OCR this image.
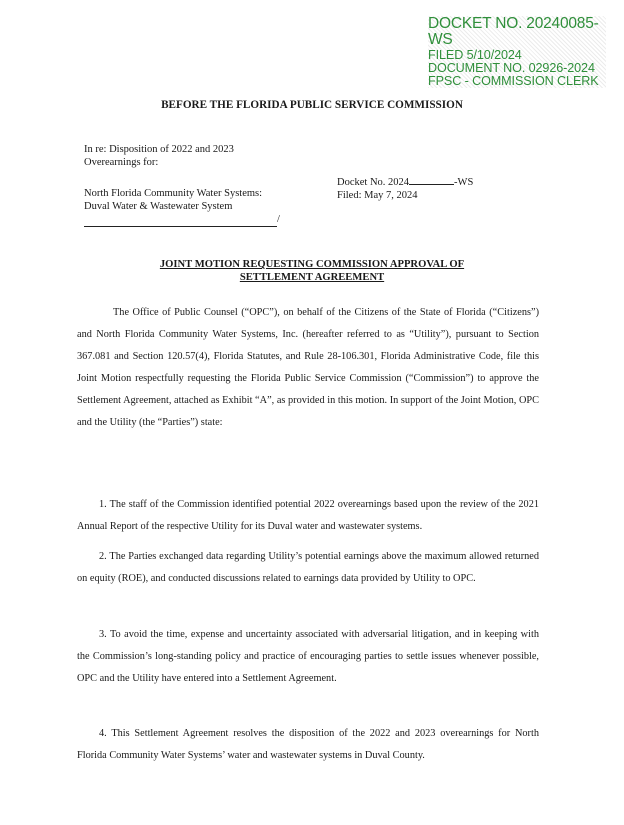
DOCKET NO. 20240085-WS
FILED 5/10/2024
DOCUMENT NO. 02926-2024
FPSC - COMMISSION CLERK
BEFORE THE FLORIDA PUBLIC SERVICE COMMISSION
In re: Disposition of 2022 and 2023
Overearnings for:
North Florida Community Water Systems:
Duval Water & Wastewater System
/
Docket No. 2024	-WS
Filed: May 7, 2024
JOINT MOTION REQUESTING COMMISSION APPROVAL OF
SETTLEMENT AGREEMENT
The Office of Public Counsel (“OPC”), on behalf of the Citizens of the State of Florida (“Citizens”) and North Florida Community Water Systems, Inc. (hereafter referred to as “Utility”), pursuant to Section 367.081 and Section 120.57(4), Florida Statutes, and Rule 28-106.301, Florida Administrative Code, file this Joint Motion respectfully requesting the Florida Public Service Commission (“Commission”) to approve the Settlement Agreement, attached as Exhibit “A”, as provided in this motion. In support of the Joint Motion, OPC and the Utility (the “Parties”) state:
1. The staff of the Commission identified potential 2022 overearnings based upon the review of the 2021 Annual Report of the respective Utility for its Duval water and wastewater systems.
2. The Parties exchanged data regarding Utility’s potential earnings above the maximum allowed returned on equity (ROE), and conducted discussions related to earnings data provided by Utility to OPC.
3. To avoid the time, expense and uncertainty associated with adversarial litigation, and in keeping with the Commission’s long-standing policy and practice of encouraging parties to settle issues whenever possible, OPC and the Utility have entered into a Settlement Agreement.
4. This Settlement Agreement resolves the disposition of the 2022 and 2023 overearnings for North Florida Community Water Systems’ water and wastewater systems in Duval County.
